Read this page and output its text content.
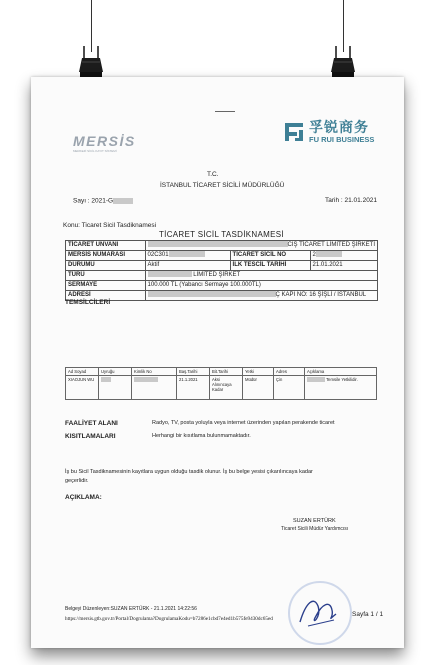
孚锐商务
FU RUI BUSINESS
MERSİS
MERKEZİ SİCİL KAYIT SİSTEMİ
T.C.
İSTANBUL TİCARET SİCİLİ MÜDÜRLÜĞÜ
Sayı : 2021-G	Tarih : 21.01.2021
Konu: Ticaret Sicil Tasdiknamesi
TİCARET SİCİL TASDİKNAMESİ
TİCARET UNVANI	CIŞ TİCARET LİMİTED ŞİRKETİ		
MERSİS NUMARASI	02C301	TİCARET SİCİL NO	2
DURUMU	Aktif	İLK TESCİL TARİHİ	21.01.2021
TÜRÜ	LİMİTED ŞİRKET		
SERMAYE	100.000 TL (Yabancı Sermaye 100.000TL)		
ADRESİ	Ç KAPI NO: 16 ŞİŞLİ / İSTANBUL		
TEMSİLCİLERİ
Ad Soyad	Uyruğu	Kimlik No	Baş.Tarihi	Bit.Tarihi	Yetki	Adres	Açıklama
XIAOJUN WU			21.1.2021	Aksi Alınıncaya Kadar	Müdür	Çin	Temsile Yetkilidir.
FAALİYET ALANI	Radyo, TV, posta yoluyla veya internet üzerinden yapılan perakende ticaret
KISITLAMALARI	Herhangi bir kısıtlama bulunmamaktadır.
İş bu Sicil Tasdiknamesinin kayıtlara uygun olduğu tasdik olunur. İş bu belge yesisi çıkarılıncaya kadar
geçerlidir.
AÇIKLAMA:
SUZAN ERTÜRK
Ticaret Sicili Müdür Yardımcısı
Belgeyi Düzenleyen:SUZAN ERTÜRK - 21.1.2021 14:22:56
https://mersis.gtb.gov.tr/Portal/Dogrulama?DogrulamaKodu=b7286e1cbd7e4ed1b575fe9430dc65ed
Sayfa 1 / 1
